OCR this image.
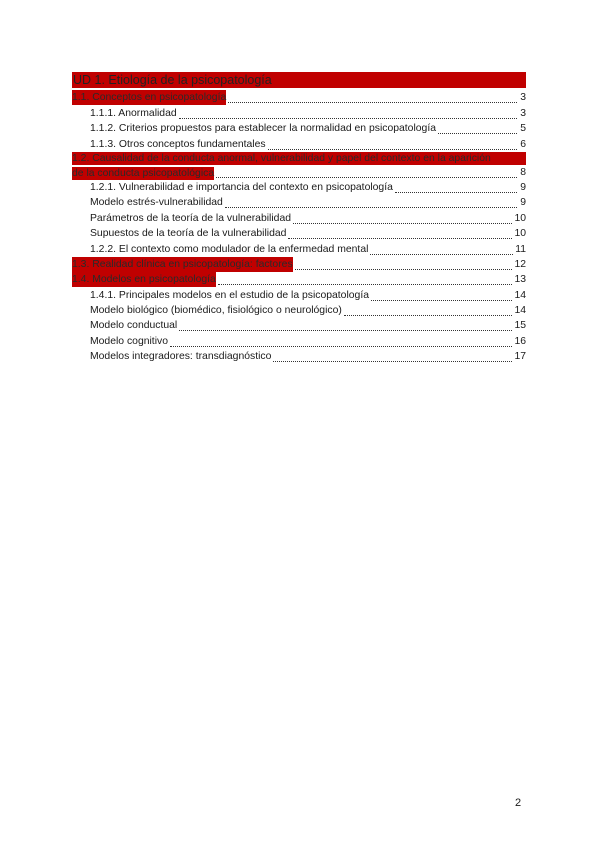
UD 1. Etiología de la psicopatología
1.1. Conceptos en psicopatología	3
1.1.1. Anormalidad	3
1.1.2. Criterios propuestos para establecer la normalidad en psicopatología	5
1.1.3. Otros conceptos fundamentales	6
1.2. Causalidad de la conducta anormal, vulnerabilidad y papel del contexto en la aparición
de la conducta psicopatológica	8
1.2.1. Vulnerabilidad e importancia del contexto en psicopatología	9
Modelo estrés-vulnerabilidad	9
Parámetros de la teoría de la vulnerabilidad	10
Supuestos de la teoría de la vulnerabilidad	10
1.2.2. El contexto como modulador de la enfermedad mental	11
1.3. Realidad clínica en psicopatología: factores	12
1.4. Modelos en psicopatología	13
1.4.1. Principales modelos en el estudio de la psicopatología	14
Modelo biológico (biomédico, fisiológico o neurológico)	14
Modelo conductual	15
Modelo cognitivo	16
Modelos integradores: transdiagnóstico	17
2
